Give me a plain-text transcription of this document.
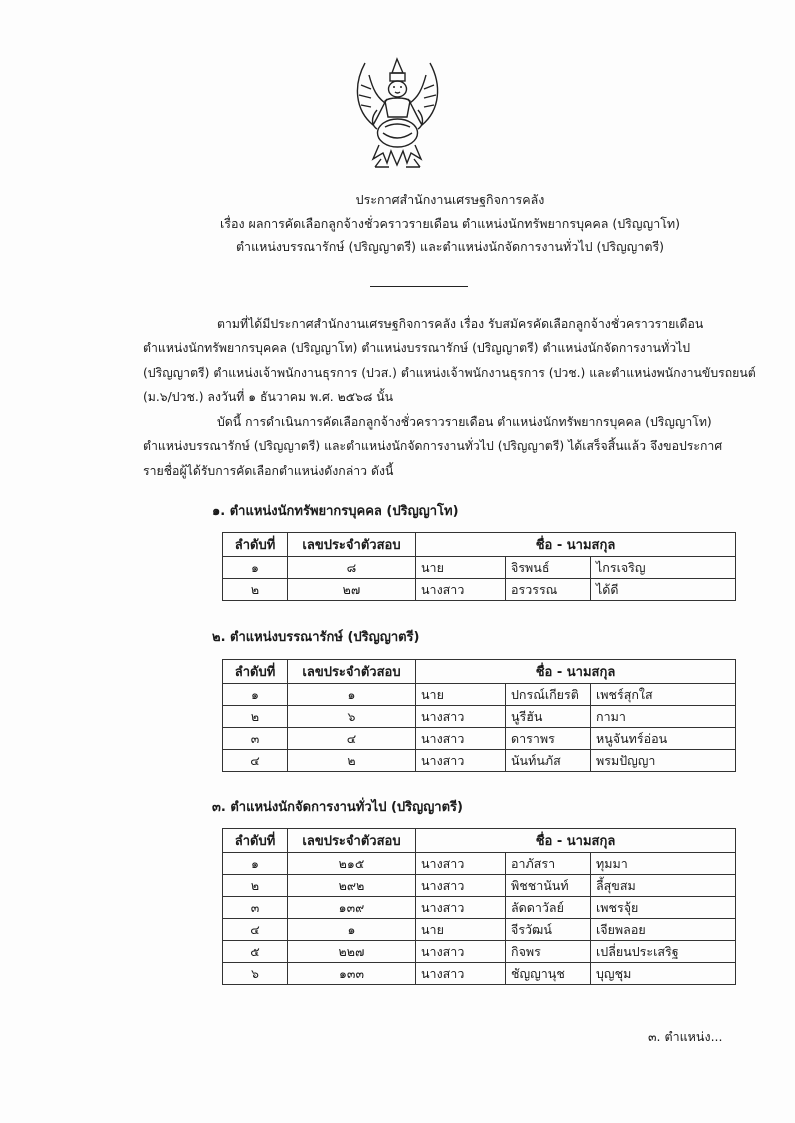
ประกาศสำนักงานเศรษฐกิจการคลัง
เรื่อง ผลการคัดเลือกลูกจ้างชั่วคราวรายเดือน ตำแหน่งนักทรัพยากรบุคคล (ปริญญาโท)
ตำแหน่งบรรณารักษ์ (ปริญญาตรี) และตำแหน่งนักจัดการงานทั่วไป (ปริญญาตรี)
ตามที่ได้มีประกาศสำนักงานเศรษฐกิจการคลัง เรื่อง รับสมัครคัดเลือกลูกจ้างชั่วคราวรายเดือน
ตำแหน่งนักทรัพยากรบุคคล (ปริญญาโท) ตำแหน่งบรรณารักษ์ (ปริญญาตรี) ตำแหน่งนักจัดการงานทั่วไป
(ปริญญาตรี) ตำแหน่งเจ้าพนักงานธุรการ (ปวส.) ตำแหน่งเจ้าพนักงานธุรการ (ปวช.) และตำแหน่งพนักงานขับรถยนต์
(ม.๖/ปวช.) ลงวันที่ ๑ ธันวาคม พ.ศ. ๒๕๖๘ นั้น
บัดนี้ การดำเนินการคัดเลือกลูกจ้างชั่วคราวรายเดือน ตำแหน่งนักทรัพยากรบุคคล (ปริญญาโท)
ตำแหน่งบรรณารักษ์ (ปริญญาตรี) และตำแหน่งนักจัดการงานทั่วไป (ปริญญาตรี) ได้เสร็จสิ้นแล้ว จึงขอประกาศ
รายชื่อผู้ได้รับการคัดเลือกตำแหน่งดังกล่าว ดังนี้
๑. ตำแหน่งนักทรัพยากรบุคคล (ปริญญาโท)
ลำดับที่	เลขประจำตัวสอบ	ชื่อ - นามสกุล		
๑	๘	นาย	จิรพนธ์	ไกรเจริญ
๒	๒๗	นางสาว	อรวรรณ	ได้ดี
๒. ตำแหน่งบรรณารักษ์ (ปริญญาตรี)
ลำดับที่	เลขประจำตัวสอบ	ชื่อ - นามสกุล		
๑	๑	นาย	ปกรณ์เกียรติ	เพชร์สุกใส
๒	๖	นางสาว	นูรีฮัน	กามา
๓	๔	นางสาว	ดาราพร	หนูจันทร์อ่อน
๔	๒	นางสาว	นันท์นภัส	พรมปัญญา
๓. ตำแหน่งนักจัดการงานทั่วไป (ปริญญาตรี)
ลำดับที่	เลขประจำตัวสอบ	ชื่อ - นามสกุล		
๑	๒๑๕	นางสาว	อาภัสรา	ทุมมา
๒	๒๙๒	นางสาว	พิชชานันท์	ลี้สุขสม
๓	๑๓๙	นางสาว	ลัดดาวัลย์	เพชรจุ้ย
๔	๑	นาย	จีรวัฒน์	เจียพลอย
๕	๒๒๗	นางสาว	กิจพร	เปลี่ยนประเสริฐ
๖	๑๓๓	นางสาว	ชัญญานุช	บุญชุม
๓. ตำแหน่ง...
